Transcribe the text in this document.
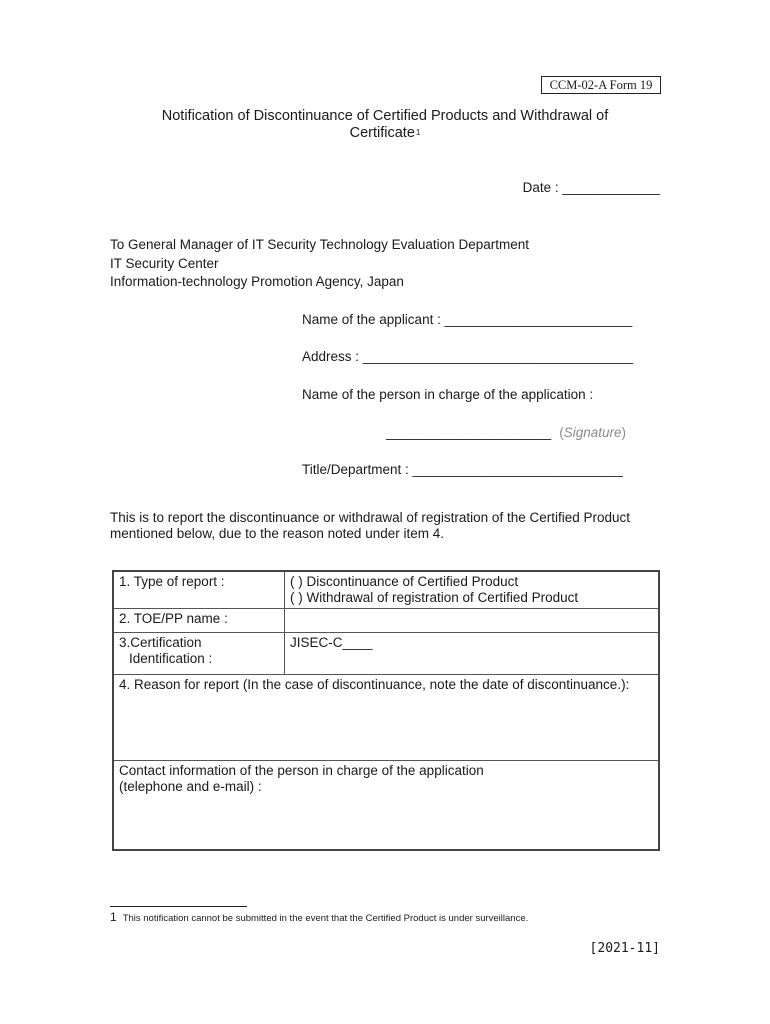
CCM-02-A Form 19
Notification of Discontinuance of Certified Products and Withdrawal of
Certificate$^1$
Date : _____________
To General Manager of IT Security Technology Evaluation Department
IT Security Center
Information-technology Promotion Agency, Japan
Name of the applicant : _________________________
Address : ____________________________________
Name of the person in charge of the application :
______________________ (Signature)
Title/Department : ____________________________
This is to report the discontinuance or withdrawal of registration of the Certified Product mentioned below, due to the reason noted under item 4.
1. Type of report :	( ) Discontinuance of Certified Product
( ) Withdrawal of registration of Certified Product

2. TOE/PP name :	

3.Certification
Identification :	JISEC-C____

4. Reason for report (In the case of discontinuance, note the date of discontinuance.):	

Contact information of the person in charge of the application
(telephone and e-mail) :	
1 This notification cannot be submitted in the event that the Certified Product is under surveillance.
[2021-11]
